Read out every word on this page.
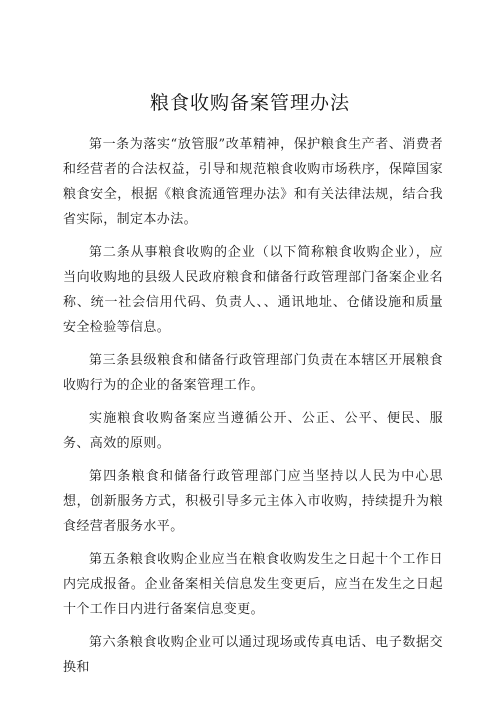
粮食收购备案管理办法

第一条为落实“放管服”改革精神，保护粮食生产者、消费者和经营者的合法权益，引导和规范粮食收购市场秩序，保障国家粮食安全，根据《粮食流通管理办法》和有关法律法规，结合我省实际，制定本办法。

第二条从事粮食收购的企业（以下简称粮食收购企业），应当向收购地的县级人民政府粮食和储备行政管理部门备案企业名称、统一社会信用代码、负责人、、通讯地址、仓储设施和质量安全检验等信息。

第三条县级粮食和储备行政管理部门负责在本辖区开展粮食收购行为的企业的备案管理工作。

实施粮食收购备案应当遵循公开、公正、公平、便民、服务、高效的原则。

第四条粮食和储备行政管理部门应当坚持以人民为中心思想，创新服务方式，积极引导多元主体入市收购，持续提升为粮食经营者服务水平。

第五条粮食收购企业应当在粮食收购发生之日起十个工作日内完成报备。企业备案相关信息发生变更后，应当在发生之日起十个工作日内进行备案信息变更。

第六条粮食收购企业可以通过现场或传真电话、电子数据交换和
